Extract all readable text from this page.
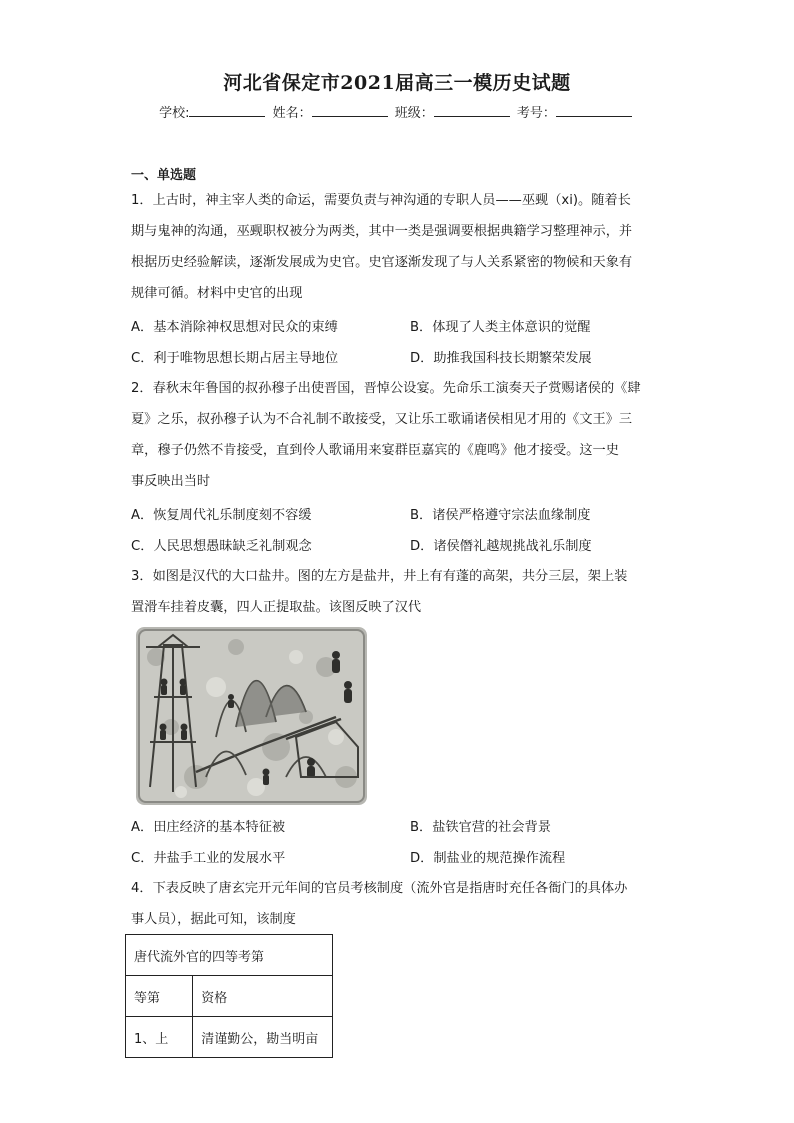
河北省保定市2021届高三一模历史试题
学校:	姓名：	班级：	考号：
一、单选题
1．上古时，神主宰人类的命运，需要负责与神沟通的专职人员——巫觋（xi)。随着长
期与鬼神的沟通，巫觋职权被分为两类，其中一类是强调要根据典籍学习整理神示，并
根据历史经验解读，逐渐发展成为史官。史官逐渐发现了与人关系紧密的物候和天象有
规律可循。材料中史官的出现
A．基本消除神权思想对民众的束缚	B．体现了人类主体意识的觉醒
C．利于唯物思想长期占居主导地位	D．助推我国科技长期繁荣发展
2．春秋末年鲁国的叔孙穆子出使晋国，晋悼公设宴。先命乐工演奏天子赏赐诸侯的《肆
夏》之乐，叔孙穆子认为不合礼制不敢接受，又让乐工歌诵诸侯相见才用的《文王》三
章，穆子仍然不肯接受，直到伶人歌诵用来宴群臣嘉宾的《鹿鸣》他才接受。这一史
事反映出当时
A．恢复周代礼乐制度刻不容缓	B．诸侯严格遵守宗法血缘制度
C．人民思想愚昧缺乏礼制观念	D．诸侯僭礼越规挑战礼乐制度
3．如图是汉代的大口盐井。图的左方是盐井，井上有有蓬的高架，共分三层，架上装
置滑车挂着皮囊，四人正提取盐。该图反映了汉代
A．田庄经济的基本特征被	B．盐铁官营的社会背景
C．井盐手工业的发展水平	D．制盐业的规范操作流程
4．下表反映了唐玄完开元年间的官员考核制度（流外官是指唐时充任各衙门的具体办
事人员），据此可知，该制度
唐代流外官的四等考第	
等第	资格
1、上	清谨勤公，勘当明亩
